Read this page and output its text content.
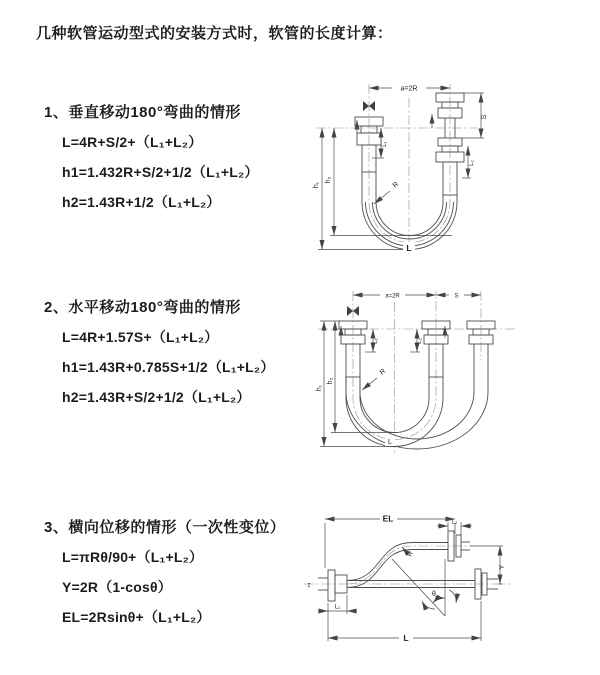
几种软管运动型式的安装方式时，软管的长度计算：
1、垂直移动180°弯曲的情形
L=4R+S/2+（L₁+L₂）
h1=1.432R+S/2+1/2（L₁+L₂）
h2=1.43R+1/2（L₁+L₂）
2、水平移动180°弯曲的情形
L=4R+1.57S+（L₁+L₂）
h1=1.43R+0.785S+1/2（L₁+L₂）
h2=1.43R+S/2+1/2（L₁+L₂）
3、横向位移的情形（一次性变位）
L=πRθ/90+（L₁+L₂）
Y=2R（1-cosθ）
EL=2Rsinθ+（L₁+L₂）
a=2R
S
h₁
h₂
L₁
L₂
R
L
a=2R	S
h₁
h₂
L₁	L₂
R
L
EL	L₂
Y
L
L₁
R
θ
z
